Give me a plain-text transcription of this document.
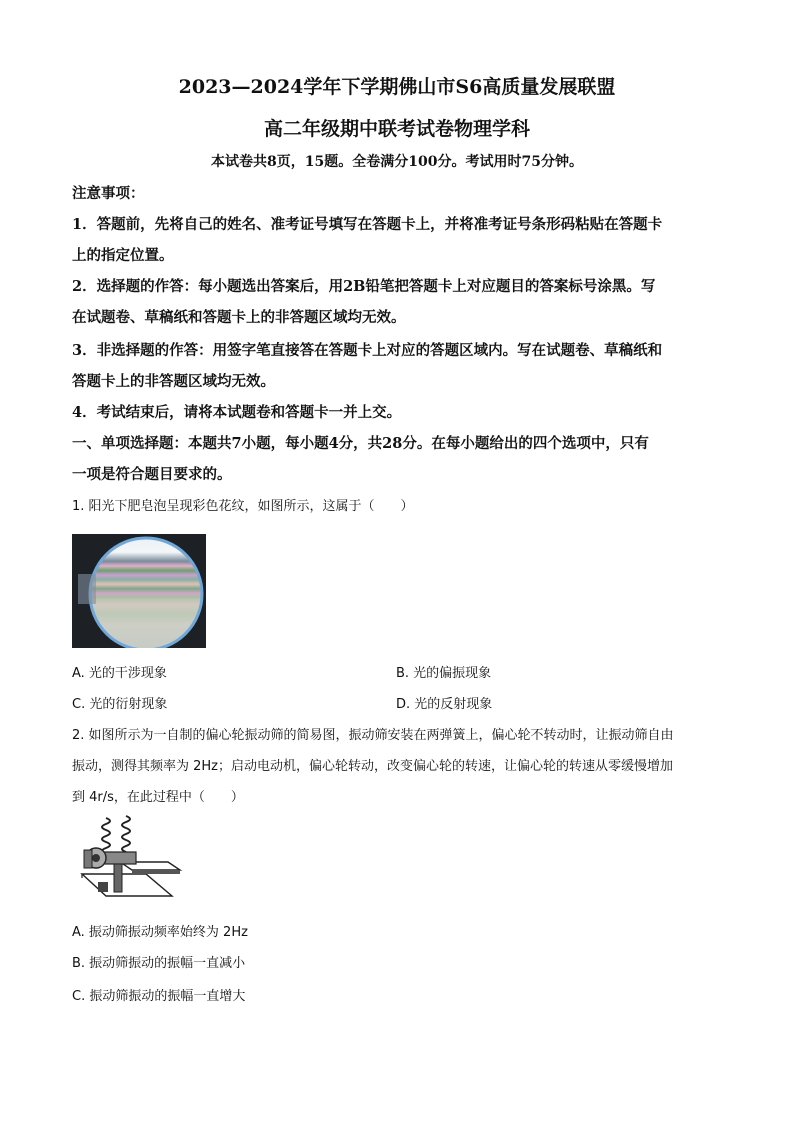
2023—2024学年下学期佛山市S6高质量发展联盟
高二年级期中联考试卷物理学科
本试卷共8页，15题。全卷满分100分。考试用时75分钟。
注意事项：
1．答题前，先将自己的姓名、准考证号填写在答题卡上，并将准考证号条形码粘贴在答题卡
上的指定位置。
2．选择题的作答：每小题选出答案后，用2B铅笔把答题卡上对应题目的答案标号涂黑。写
在试题卷、草稿纸和答题卡上的非答题区域均无效。
3．非选择题的作答：用签字笔直接答在答题卡上对应的答题区域内。写在试题卷、草稿纸和
答题卡上的非答题区域均无效。
4．考试结束后，请将本试题卷和答题卡一并上交。
一、单项选择题：本题共7小题，每小题4分，共28分。在每小题给出的四个选项中，只有
一项是符合题目要求的。
1. 阳光下肥皂泡呈现彩色花纹，如图所示，这属于（　　）
A. 光的干涉现象	B. 光的偏振现象
C. 光的衍射现象	D. 光的反射现象
2. 如图所示为一自制的偏心轮振动筛的简易图，振动筛安装在两弹簧上，偏心轮不转动时，让振动筛自由
振动，测得其频率为 2Hz；启动电动机，偏心轮转动，改变偏心轮的转速，让偏心轮的转速从零缓慢增加
到 4r/s，在此过程中（　　）
A. 振动筛振动频率始终为 2Hz
B. 振动筛振动的振幅一直减小
C. 振动筛振动的振幅一直增大
